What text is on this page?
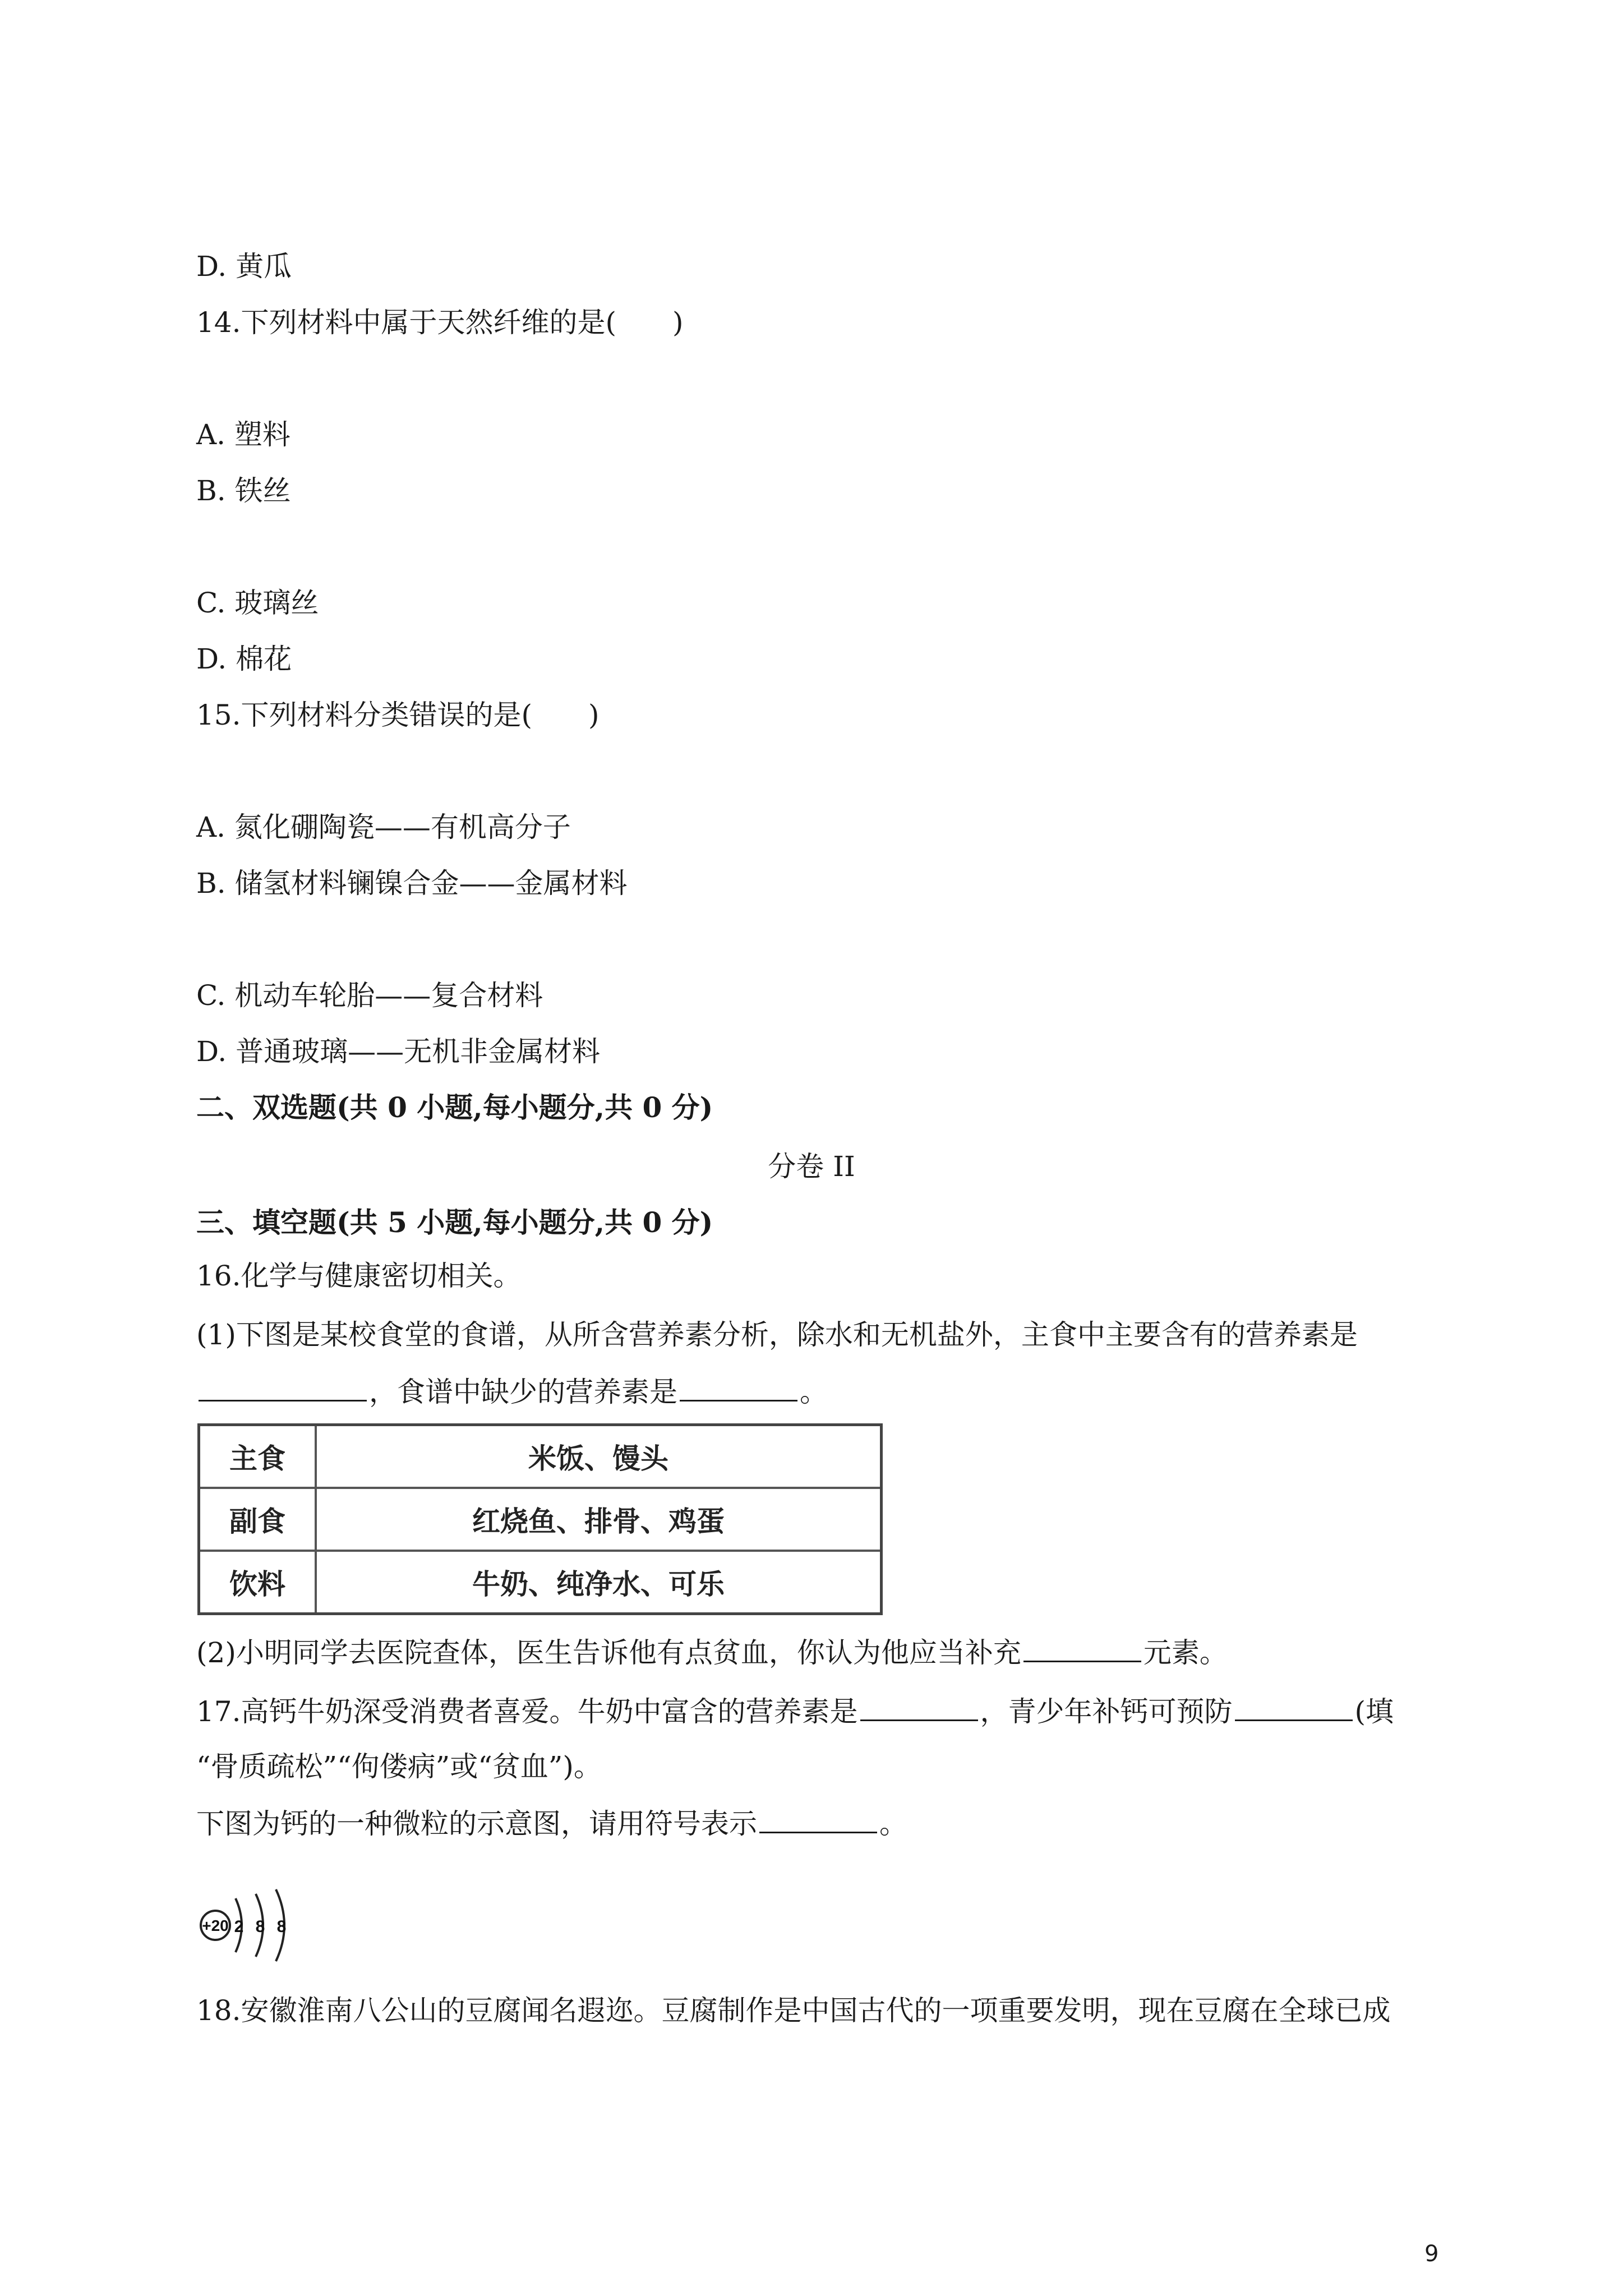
D. 黄瓜
14.下列材料中属于天然纤维的是(　　)
A. 塑料
B. 铁丝
C. 玻璃丝
D. 棉花
15.下列材料分类错误的是(　　)
A. 氮化硼陶瓷——有机高分子
B. 储氢材料镧镍合金——金属材料
C. 机动车轮胎——复合材料
D. 普通玻璃——无机非金属材料
二、双选题(共 0 小题,每小题分,共 0 分)
分卷 II
三、填空题(共 5 小题,每小题分,共 0 分)
16.化学与健康密切相关。
(1)下图是某校食堂的食谱，从所含营养素分析，除水和无机盐外，主食中主要含有的营养素是
，食谱中缺少的营养素是	。
主食	米饭、馒头
副食	红烧鱼、排骨、鸡蛋
饮料	牛奶、纯净水、可乐
(2)小明同学去医院查体，医生告诉他有点贫血，你认为他应当补充	元素。
17.高钙牛奶深受消费者喜爱。牛奶中富含的营养素是	，青少年补钙可预防	(填
“骨质疏松”“佝偻病”或“贫血”)。
下图为钙的一种微粒的示意图，请用符号表示	。
+20 2 8 8
18.安徽淮南八公山的豆腐闻名遐迩。豆腐制作是中国古代的一项重要发明，现在豆腐在全球已成
9
